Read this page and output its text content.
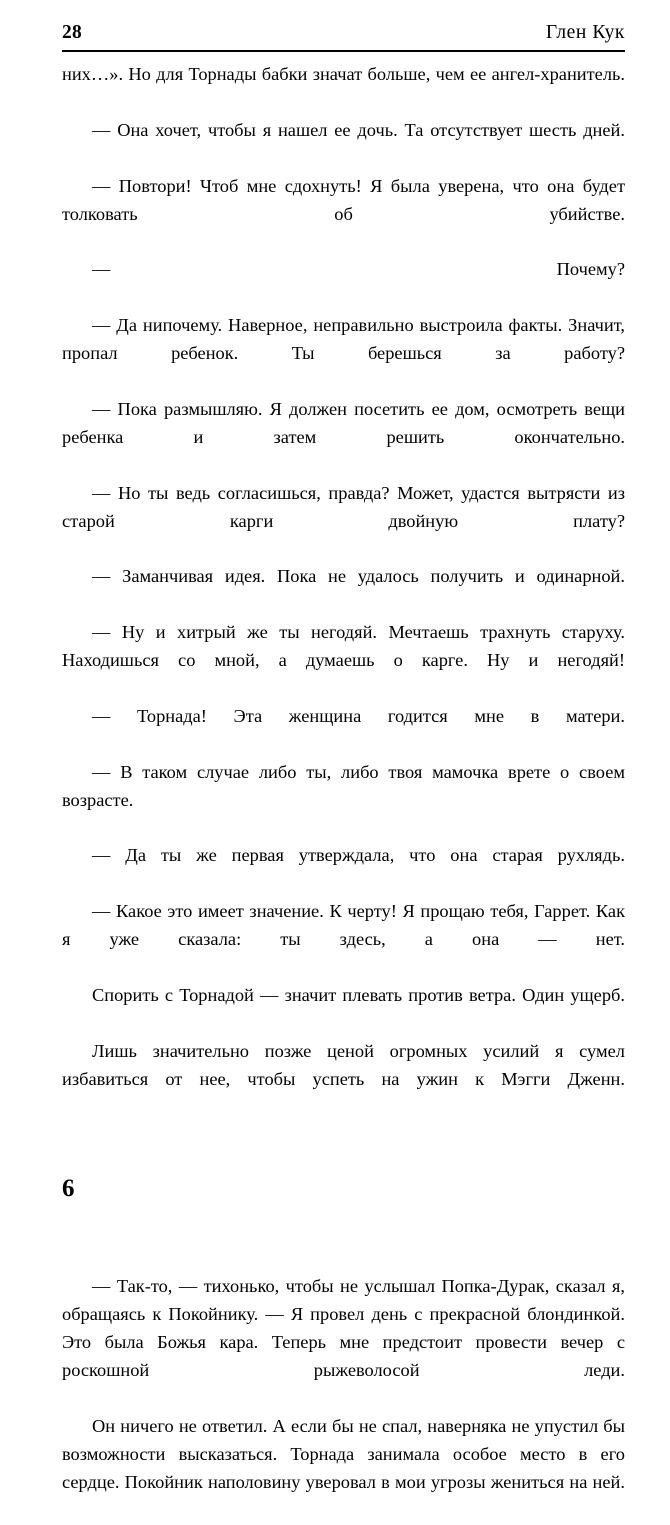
28	Глен Кук

них…». Но для Торнады бабки значат больше, чем ее ангел-хранитель.

— Она хочет, чтобы я нашел ее дочь. Та отсутствует шесть дней.

— Повтори! Чтоб мне сдохнуть! Я была уверена, что она будет толковать об убийстве.

— Почему?

— Да нипочему. Наверное, неправильно выстроила факты. Значит, пропал ребенок. Ты берешься за работу?

— Пока размышляю. Я должен посетить ее дом, осмотреть вещи ребенка и затем решить окончательно.

— Но ты ведь согласишься, правда? Может, удастся вытрясти из старой карги двойную плату?

— Заманчивая идея. Пока не удалось получить и одинарной.

— Ну и хитрый же ты негодяй. Мечтаешь трахнуть старуху. Находишься со мной, а думаешь о карге. Ну и негодяй!

— Торнада! Эта женщина годится мне в матери.

— В таком случае либо ты, либо твоя мамочка врете о своем возрасте.

— Да ты же первая утверждала, что она старая рухлядь.

— Какое это имеет значение. К черту! Я прощаю тебя, Гаррет. Как я уже сказала: ты здесь, а она — нет.

Спорить с Торнадой — значит плевать против ветра. Один ущерб.

Лишь значительно позже ценой огромных усилий я сумел избавиться от нее, чтобы успеть на ужин к Мэгги Дженн.

6

— Так-то, — тихонько, чтобы не услышал Попка-Дурак, сказал я, обращаясь к Покойнику. — Я провел день с прекрасной блондинкой. Это была Божья кара. Теперь мне предстоит провести вечер с роскошной рыжеволосой леди.

Он ничего не ответил. А если бы не спал, наверняка не упустил бы возможности высказаться. Торнада занимала особое место в его сердце. Покойник наполовину уверовал в мои угрозы жениться на ней.
